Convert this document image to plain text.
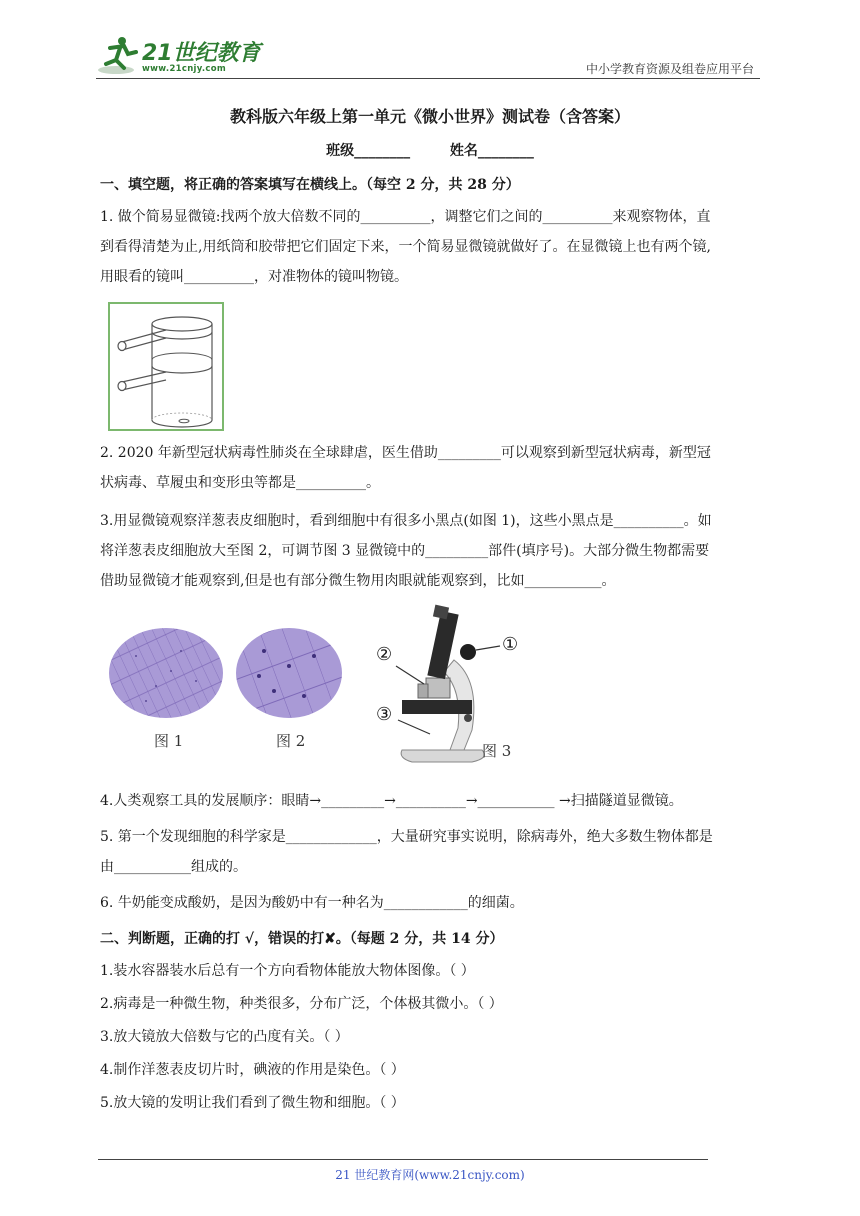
21世纪教育
www.21cnjy.com	中小学教育资源及组卷应用平台
教科版六年级上第一单元《微小世界》测试卷（含答案）
班级________	姓名________
一、填空题，将正确的答案填写在横线上。（每空 2 分，共 28 分）
1. 做个简易显微镜:找两个放大倍数不同的__________，调整它们之间的__________来观察物体，直
到看得清楚为止,用纸筒和胶带把它们固定下来，一个简易显微镜就做好了。在显微镜上也有两个镜,
用眼看的镜叫__________，对准物体的镜叫物镜。
2. 2020 年新型冠状病毒性肺炎在全球肆虐，医生借助_________可以观察到新型冠状病毒，新型冠
状病毒、草履虫和变形虫等都是__________。
3.用显微镜观察洋葱表皮细胞时，看到细胞中有很多小黑点(如图 1)，这些小黑点是__________。如
将洋葱表皮细胞放大至图 2，可调节图 3 显微镜中的_________部件(填序号)。大部分微生物都需要
借助显微镜才能观察到,但是也有部分微生物用肉眼就能观察到，比如___________。
图 1	图 2
①
②
③
图 3
4.人类观察工具的发展顺序：眼睛→_________→__________→___________ →扫描隧道显微镜。
5. 第一个发现细胞的科学家是_____________，大量研究事实说明，除病毒外，绝大多数生物体都是
由___________组成的。
6. 牛奶能变成酸奶，是因为酸奶中有一种名为____________的细菌。
二、判断题，正确的打 √，错误的打✘。（每题 2 分，共 14 分）
1.装水容器装水后总有一个方向看物体能放大物体图像。（ ）
2.病毒是一种微生物，种类很多，分布广泛，个体极其微小。（ ）
3.放大镜放大倍数与它的凸度有关。（ ）
4.制作洋葱表皮切片时，碘液的作用是染色。（ ）
5.放大镜的发明让我们看到了微生物和细胞。（ ）
21 世纪教育网(www.21cnjy.com)
